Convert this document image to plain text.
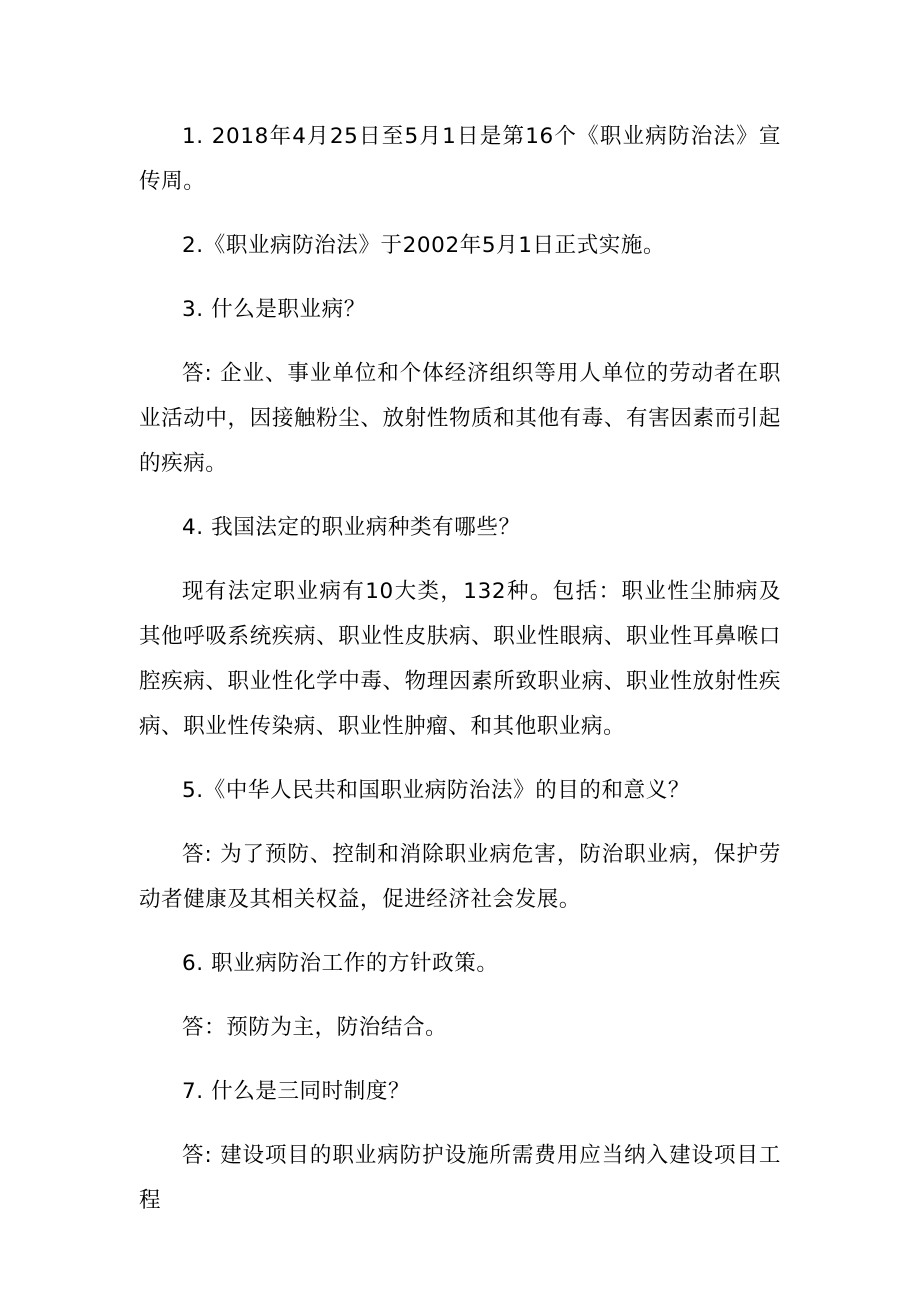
1. 2018年4月25日至5月1日是第16个《职业病防治法》宣传周。

2.《职业病防治法》于2002年5月1日正式实施。

3. 什么是职业病？

答: 企业、事业单位和个体经济组织等用人单位的劳动者在职业活动中，因接触粉尘、放射性物质和其他有毒、有害因素而引起的疾病。

4. 我国法定的职业病种类有哪些？

现有法定职业病有10大类，132种。包括：职业性尘肺病及其他呼吸系统疾病、职业性皮肤病、职业性眼病、职业性耳鼻喉口腔疾病、职业性化学中毒、物理因素所致职业病、职业性放射性疾病、职业性传染病、职业性肿瘤、和其他职业病。

5.《中华人民共和国职业病防治法》的目的和意义？

答: 为了预防、控制和消除职业病危害，防治职业病，保护劳动者健康及其相关权益，促进经济社会发展。

6. 职业病防治工作的方针政策。

答：预防为主，防治结合。

7. 什么是三同时制度？

答: 建设项目的职业病防护设施所需费用应当纳入建设项目工程
